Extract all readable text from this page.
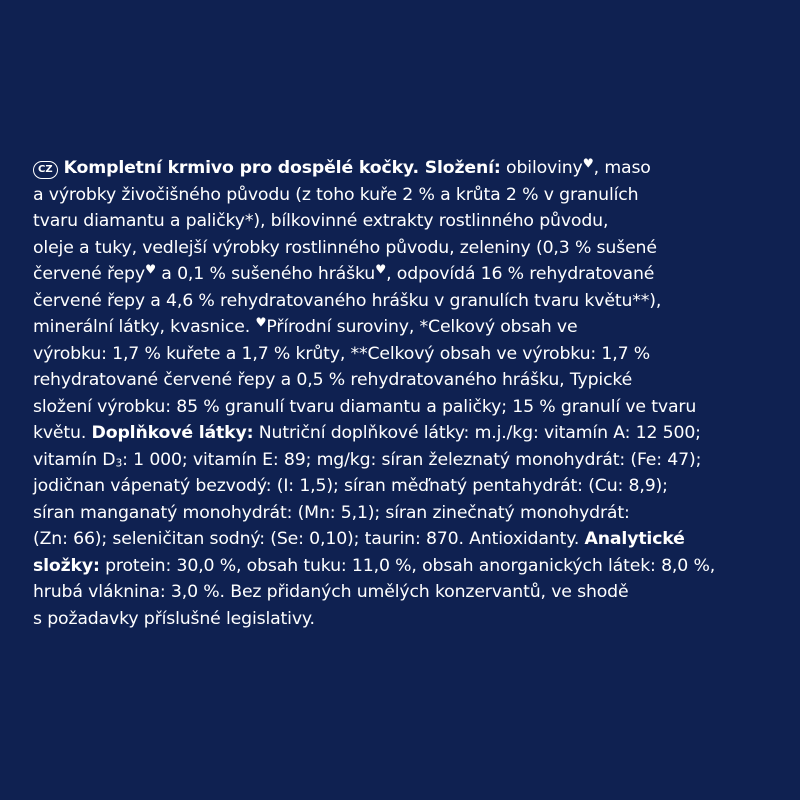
CZ Kompletní krmivo pro dospělé kočky. Složení: obiloviny♥, maso
a výrobky živočišného původu (z toho kuře 2 % a krůta 2 % v granulích
tvaru diamantu a paličky*), bílkovinné extrakty rostlinného původu,
oleje a tuky, vedlejší výrobky rostlinného původu, zeleniny (0,3 % sušené
červené řepy♥ a 0,1 % sušeného hrášku♥, odpovídá 16 % rehydratované
červené řepy a 4,6 % rehydratovaného hrášku v granulích tvaru květu**),
minerální látky, kvasnice. ♥Přírodní suroviny, *Celkový obsah ve
výrobku: 1,7 % kuřete a 1,7 % krůty, **Celkový obsah ve výrobku: 1,7 %
rehydratované červené řepy a 0,5 % rehydratovaného hrášku, Typické
složení výrobku: 85 % granulí tvaru diamantu a paličky; 15 % granulí ve tvaru
květu. Doplňkové látky: Nutriční doplňkové látky: m.j./kg: vitamín A: 12 500;
vitamín D3: 1 000; vitamín E: 89; mg/kg: síran železnatý monohydrát: (Fe: 47);
jodičnan vápenatý bezvodý: (I: 1,5); síran měďnatý pentahydrát: (Cu: 8,9);
síran manganatý monohydrát: (Mn: 5,1); síran zinečnatý monohydrát:
(Zn: 66); seleničitan sodný: (Se: 0,10); taurin: 870. Antioxidanty. Analytické
složky: protein: 30,0 %, obsah tuku: 11,0 %, obsah anorganických látek: 8,0 %,
hrubá vláknina: 3,0 %. Bez přidaných umělých konzervantů, ve shodě
s požadavky příslušné legislativy.
